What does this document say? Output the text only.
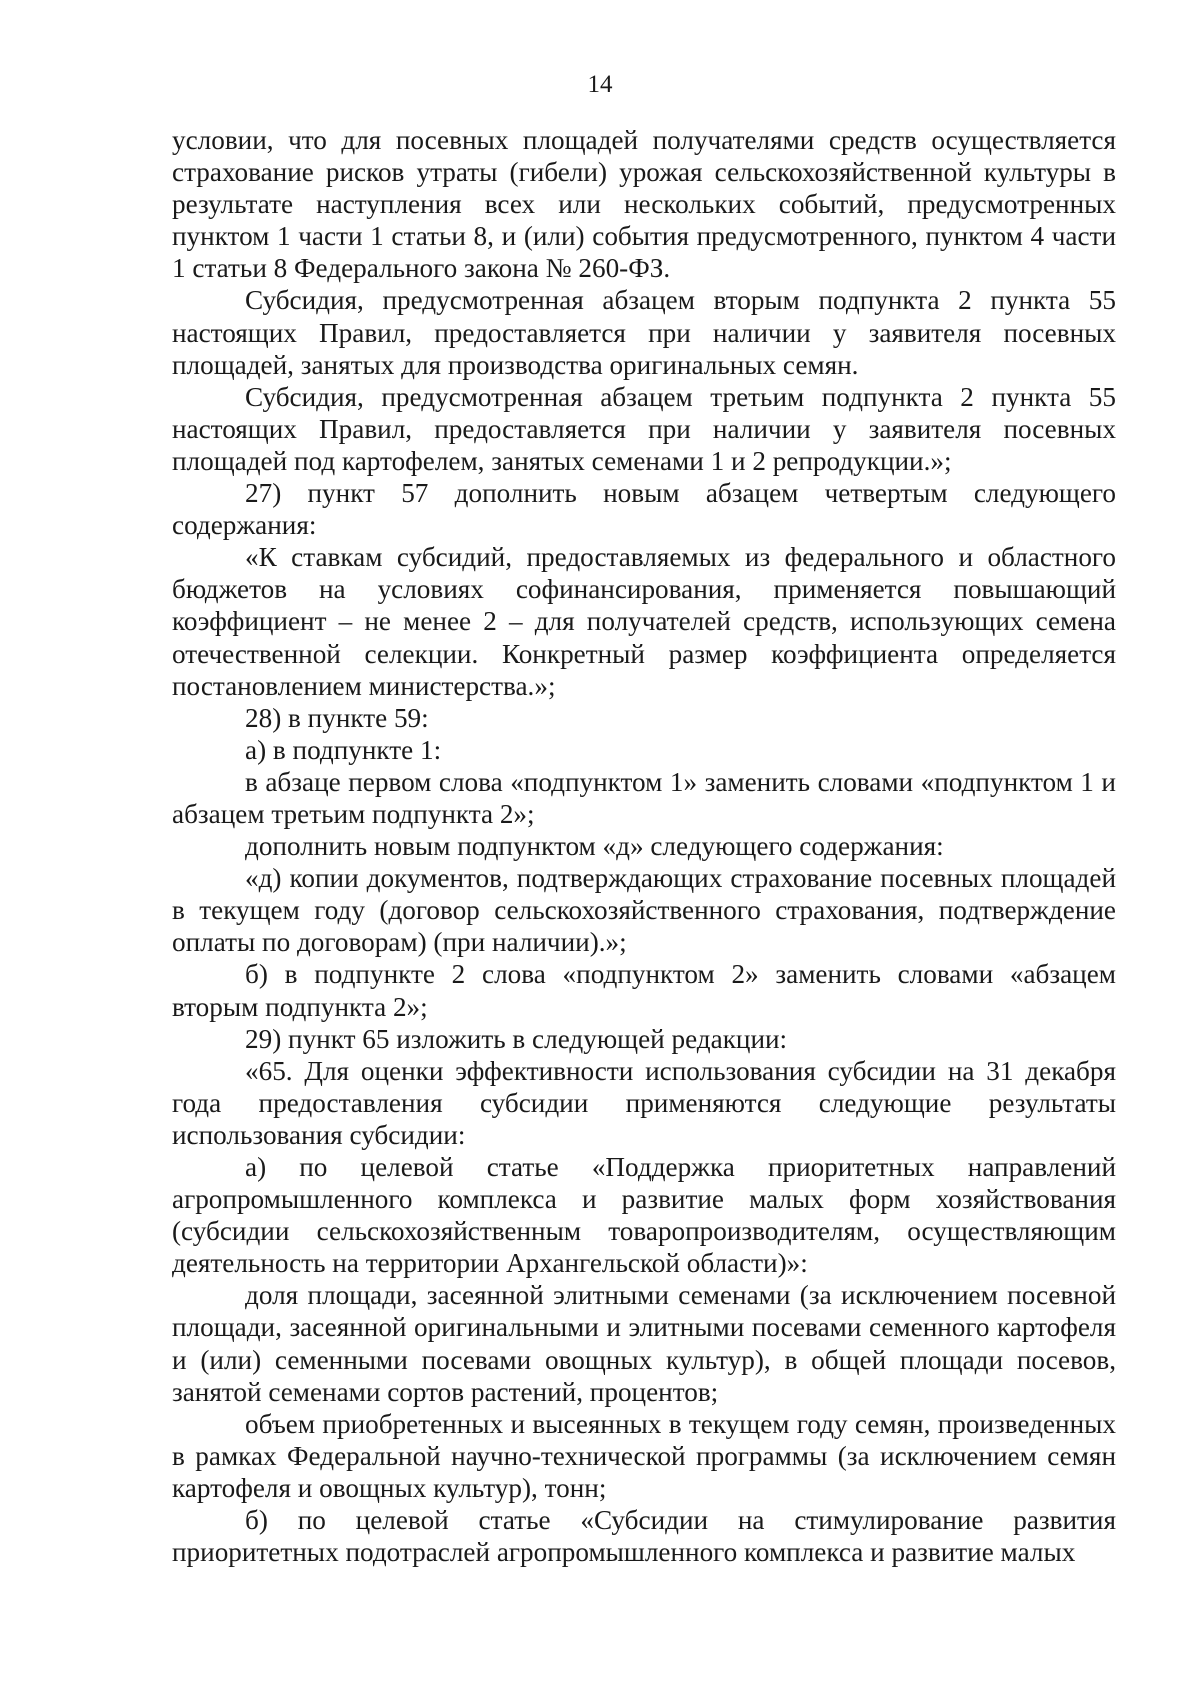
14

условии, что для посевных площадей получателями средств осуществляется страхование рисков утраты (гибели) урожая сельскохозяйственной культуры в результате наступления всех или нескольких событий, предусмотренных пунктом 1 части 1 статьи 8, и (или) события предусмотренного, пунктом 4 части 1 статьи 8 Федерального закона № 260-ФЗ.

Субсидия, предусмотренная абзацем вторым подпункта 2 пункта 55 настоящих Правил, предоставляется при наличии у заявителя посевных площадей, занятых для производства оригинальных семян.

Субсидия, предусмотренная абзацем третьим подпункта 2 пункта 55 настоящих Правил, предоставляется при наличии у заявителя посевных площадей под картофелем, занятых семенами 1 и 2 репродукции.»;

27) пункт 57 дополнить новым абзацем четвертым следующего содержания:

«К ставкам субсидий, предоставляемых из федерального и областного бюджетов на условиях софинансирования, применяется повышающий коэффициент – не менее 2 – для получателей средств, использующих семена отечественной селекции. Конкретный размер коэффициента определяется постановлением министерства.»;

28) в пункте 59:

а) в подпункте 1:

в абзаце первом слова «подпунктом 1» заменить словами «подпунктом 1 и абзацем третьим подпункта 2»;

дополнить новым подпунктом «д» следующего содержания:

«д) копии документов, подтверждающих страхование посевных площадей в текущем году (договор сельскохозяйственного страхования, подтверждение оплаты по договорам) (при наличии).»;

б) в подпункте 2 слова «подпунктом 2» заменить словами «абзацем вторым подпункта 2»;

29) пункт 65 изложить в следующей редакции:

«65. Для оценки эффективности использования субсидии на 31 декабря года предоставления субсидии применяются следующие результаты использования субсидии:

а) по целевой статье «Поддержка приоритетных направлений агропромышленного комплекса и развитие малых форм хозяйствования (субсидии сельскохозяйственным товаропроизводителям, осуществляющим деятельность на территории Архангельской области)»:

доля площади, засеянной элитными семенами (за исключением посевной площади, засеянной оригинальными и элитными посевами семенного картофеля и (или) семенными посевами овощных культур), в общей площади посевов, занятой семенами сортов растений, процентов;

объем приобретенных и высеянных в текущем году семян, произведенных в рамках Федеральной научно-технической программы (за исключением семян картофеля и овощных культур), тонн;

б) по целевой статье «Субсидии на стимулирование развития приоритетных подотраслей агропромышленного комплекса и развитие малых
